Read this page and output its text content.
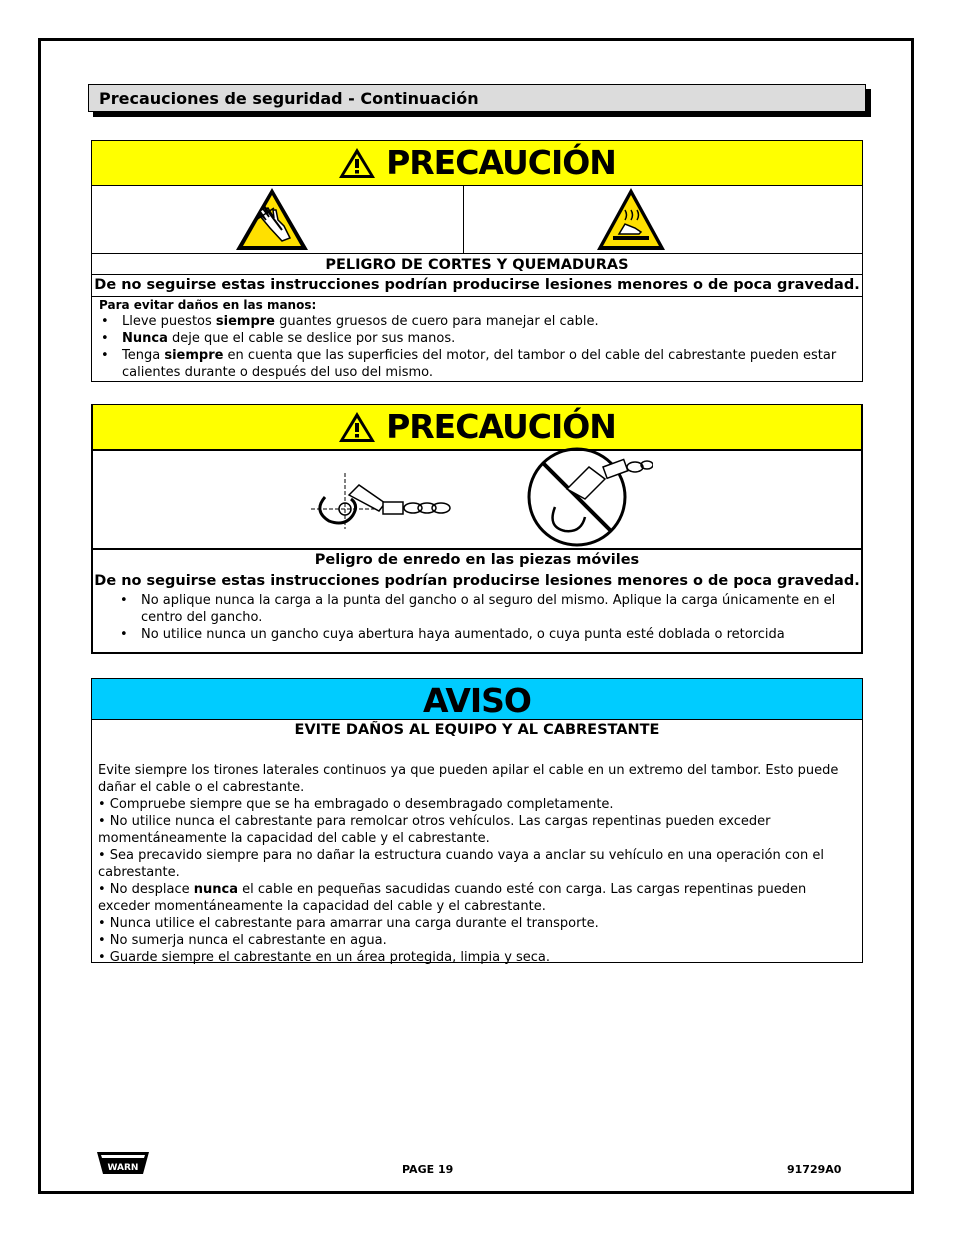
Precauciones de seguridad - Continuación
PRECAUCIÓN
PELIGRO DE CORTES Y QUEMADURAS
De no seguirse estas instrucciones podrían producirse lesiones menores o de poca gravedad.
Para evitar daños en las manos:
• Lleve puestos siempre guantes gruesos de cuero para manejar el cable.
• Nunca deje que el cable se deslice por sus manos.
• Tenga siempre en cuenta que las superficies del motor, del tambor o del cable del cabrestante pueden estar calientes durante o después del uso del mismo.
PRECAUCIÓN
Peligro de enredo en las piezas móviles
De no seguirse estas instrucciones podrían producirse lesiones menores o de poca gravedad.
• No aplique nunca la carga a la punta del gancho o al seguro del mismo. Aplique la carga únicamente en el centro del gancho.
• No utilice nunca un gancho cuya abertura haya aumentado, o cuya punta esté doblada o retorcida
AVISO
EVITE DAÑOS AL EQUIPO Y AL CABRESTANTE
Evite siempre los tirones laterales continuos ya que pueden apilar el cable en un extremo del tambor. Esto puede dañar el cable o el cabrestante.
• Compruebe siempre que se ha embragado o desembragado completamente.
• No utilice nunca el cabrestante para remolcar otros vehículos. Las cargas repentinas pueden exceder momentáneamente la capacidad del cable y el cabrestante.
• Sea precavido siempre para no dañar la estructura cuando vaya a anclar su vehículo en una operación con el cabrestante.
• No desplace nunca el cable en pequeñas sacudidas cuando esté con carga. Las cargas repentinas pueden exceder momentáneamente la capacidad del cable y el cabrestante.
• Nunca utilice el cabrestante para amarrar una carga durante el transporte.
• No sumerja nunca el cabrestante en agua.
• Guarde siempre el cabrestante en un área protegida, limpia y seca.
WARN	PAGE 19	91729A0
